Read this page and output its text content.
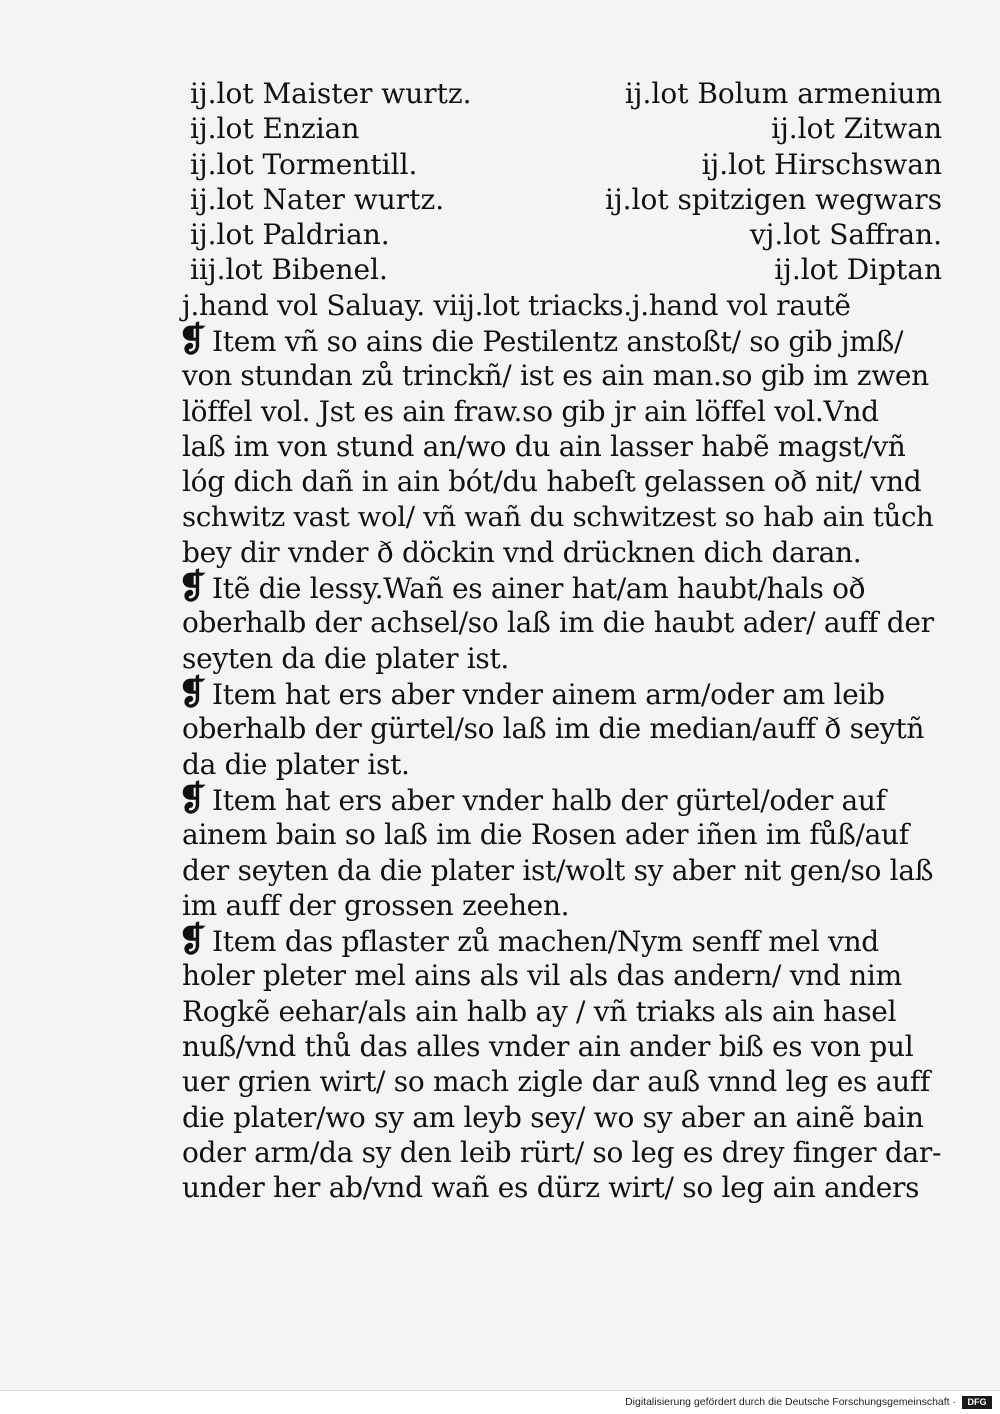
ij.lot Maister wurtz.	ij.lot Bolum armenium
ij.lot Enzian	ij.lot Zitwan
ij.lot Tormentill.	ij.lot Hirschswan
ij.lot Nater wurtz.	ij.lot spitzigen wegwars
ij.lot Paldrian.	vj.lot Saffran.
iij.lot Bibenel.	ij.lot Diptan
j.hand vol Saluay. viij.lot triacks.j.hand vol rautẽ
❡ Item vñ so ains die Pestilentz anstoßt/ so gib jmß/
von stundan zů trinckñ/ ist es ain man.so gib im zwen
löffel vol. Jst es ain fraw.so gib jr ain löffel vol.Vnd
laß im von stund an/wo du ain lasser habẽ magst/vñ
lóg dich dañ in ain bót/du habeſt gelassen oð nit/ vnd
schwitz vast wol/ vñ wañ du schwitzest so hab ain tůch
bey dir vnder ð döckin vnd drücknen dich daran.
❡ Itẽ die lessy.Wañ es ainer hat/am haubt/hals oð
oberhalb der achsel/so laß im die haubt ader/ auff der
seyten da die plater ist.
❡ Item hat ers aber vnder ainem arm/oder am leib
oberhalb der gürtel/so laß im die median/auff ð seytñ
da die plater ist.
❡ Item hat ers aber vnder halb der gürtel/oder auf
ainem bain so laß im die Rosen ader iñen im fůß/auf
der seyten da die plater ist/wolt sy aber nit gen/so laß
im auff der grossen zeehen.
❡ Item das pflaster zů machen/Nym senff mel vnd
holer pleter mel ains als vil als das andern/ vnd nim
Rogkẽ eehar/als ain halb ay / vñ triaks als ain hasel
nuß/vnd thů das alles vnder ain ander biß es von pul
uer grien wirt/ so mach zigle dar auß vnnd leg es auff
die plater/wo sy am leyb sey/ wo sy aber an ainẽ bain
oder arm/da sy den leib rürt/ so leg es drey finger dar-
under her ab/vnd wañ es dürz wirt/ so leg ain anders
Digitalisierung gefördert durch die Deutsche Forschungsgemeinschaft ·	DFG
